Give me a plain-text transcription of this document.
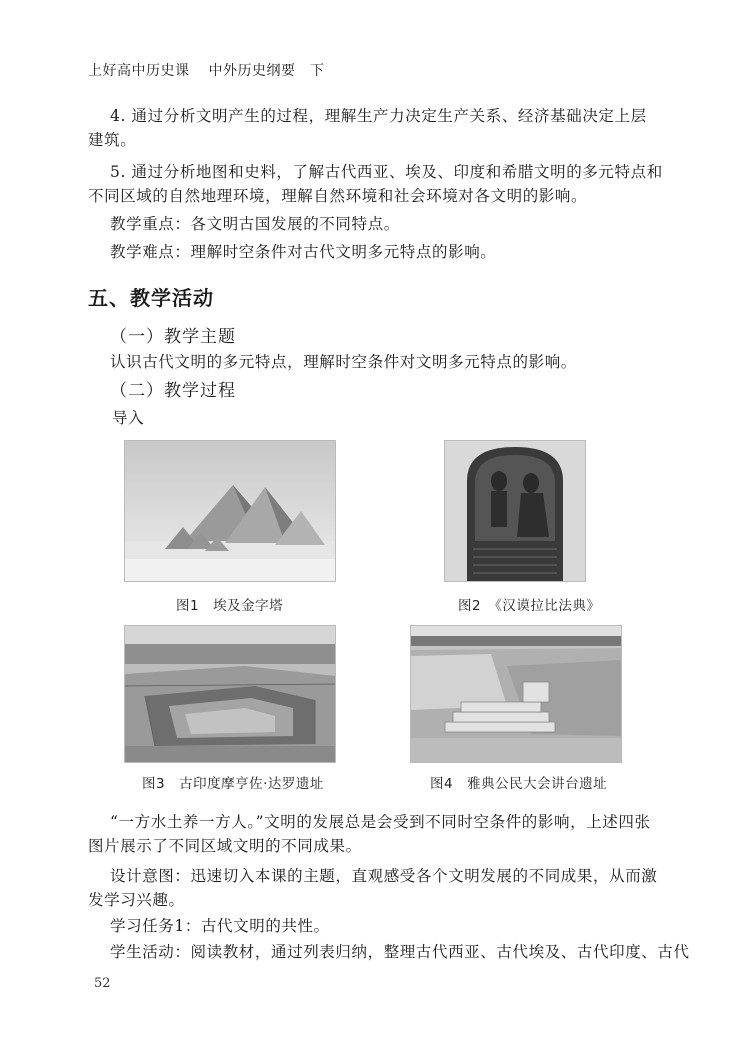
上好高中历史课 中外历史纲要　下
4. 通过分析文明产生的过程，理解生产力决定生产关系、经济基础决定上层
建筑。
5. 通过分析地图和史料，了解古代西亚、埃及、印度和希腊文明的多元特点和
不同区域的自然地理环境，理解自然环境和社会环境对各文明的影响。
教学重点：各文明古国发展的不同特点。
教学难点：理解时空条件对古代文明多元特点的影响。
五、教学活动
（一）教学主题
认识古代文明的多元特点，理解时空条件对文明多元特点的影响。
（二）教学过程
导入
图1　埃及金字塔	图2　《汉谟拉比法典》
图3　古印度摩亨佐·达罗遗址	图4　雅典公民大会讲台遗址
“一方水土养一方人。”文明的发展总是会受到不同时空条件的影响，上述四张
图片展示了不同区域文明的不同成果。
设计意图：迅速切入本课的主题，直观感受各个文明发展的不同成果，从而激
发学习兴趣。
学习任务1：古代文明的共性。
学生活动：阅读教材，通过列表归纳，整理古代西亚、古代埃及、古代印度、古代
52
